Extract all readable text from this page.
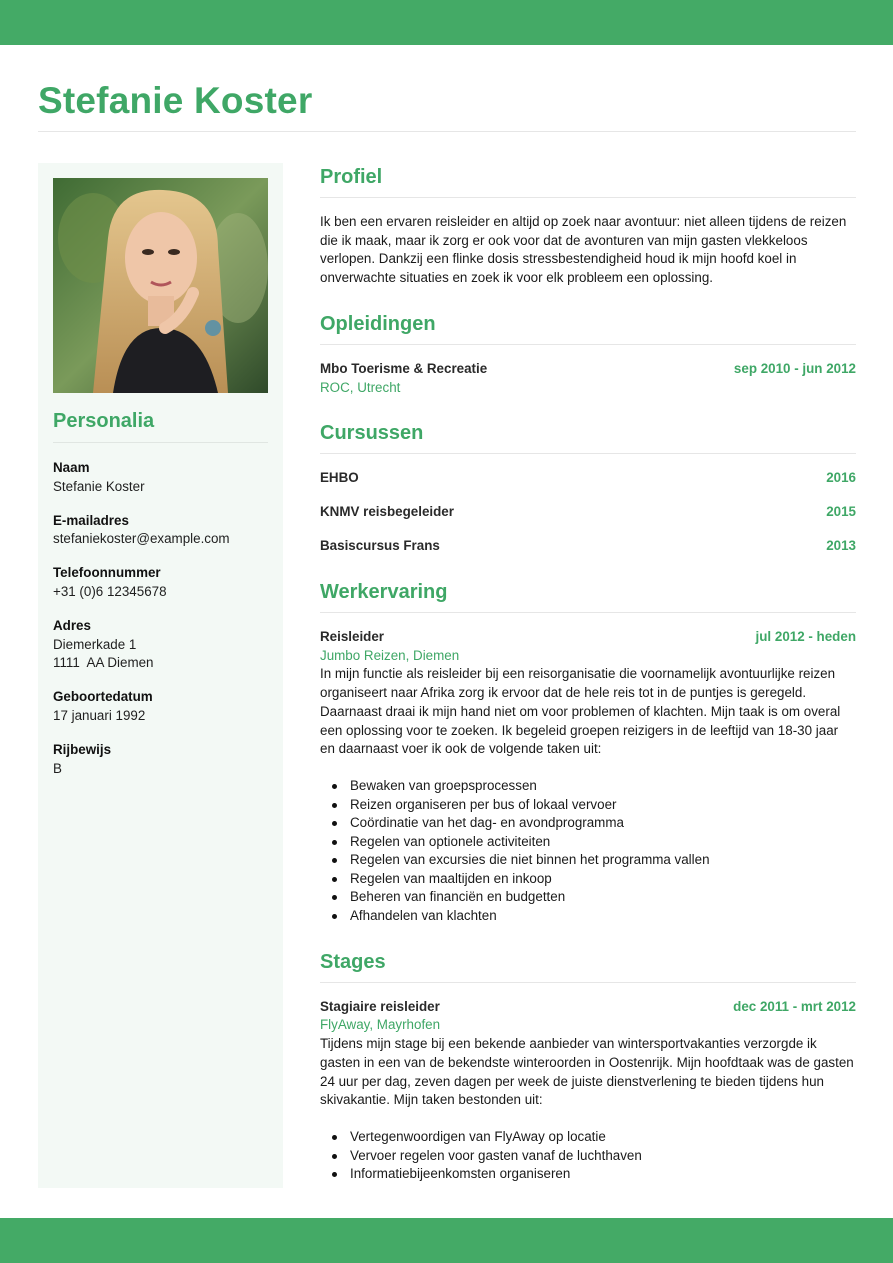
Stefanie Koster
Personalia
Naam
Stefanie Koster
E-mailadres
stefaniekoster@example.com
Telefoonnummer
+31 (0)6 12345678
Adres
Diemerkade 1
1111  AA Diemen
Geboortedatum
17 januari 1992
Rijbewijs
B
Profiel

Ik ben een ervaren reisleider en altijd op zoek naar avontuur: niet alleen tijdens de reizen die ik maak, maar ik zorg er ook voor dat de avonturen van mijn gasten vlekkeloos verlopen. Dankzij een flinke dosis stressbestendigheid houd ik mijn hoofd koel in onverwachte situaties en zoek ik voor elk probleem een oplossing.

Opleidingen
Mbo Toerisme & Recreatie	sep 2010 - jun 2012
ROC, Utrecht
Cursussen
EHBO	2016
KNMV reisbegeleider	2015
Basiscursus Frans	2013
Werkervaring
Reisleider	jul 2012 - heden
Jumbo Reizen, Diemen

In mijn functie als reisleider bij een reisorganisatie die voornamelijk avontuurlijke reizen organiseert naar Afrika zorg ik ervoor dat de hele reis tot in de puntjes is geregeld. Daarnaast draai ik mijn hand niet om voor problemen of klachten. Mijn taak is om overal een oplossing voor te zoeken. Ik begeleid groepen reizigers in de leeftijd van 18-30 jaar en daarnaast voer ik ook de volgende taken uit:

Bewaken van groepsprocessen
Reizen organiseren per bus of lokaal vervoer
Coördinatie van het dag- en avondprogramma
Regelen van optionele activiteiten
Regelen van excursies die niet binnen het programma vallen
Regelen van maaltijden en inkoop
Beheren van financiën en budgetten
Afhandelen van klachten
Stages
Stagiaire reisleider	dec 2011 - mrt 2012
FlyAway, Mayrhofen

Tijdens mijn stage bij een bekende aanbieder van wintersportvakanties verzorgde ik gasten in een van de bekendste winteroorden in Oostenrijk. Mijn hoofdtaak was de gasten 24 uur per dag, zeven dagen per week de juiste dienstverlening te bieden tijdens hun skivakantie. Mijn taken bestonden uit:

Vertegenwoordigen van FlyAway op locatie
Vervoer regelen voor gasten vanaf de luchthaven
Informatiebijeenkomsten organiseren
